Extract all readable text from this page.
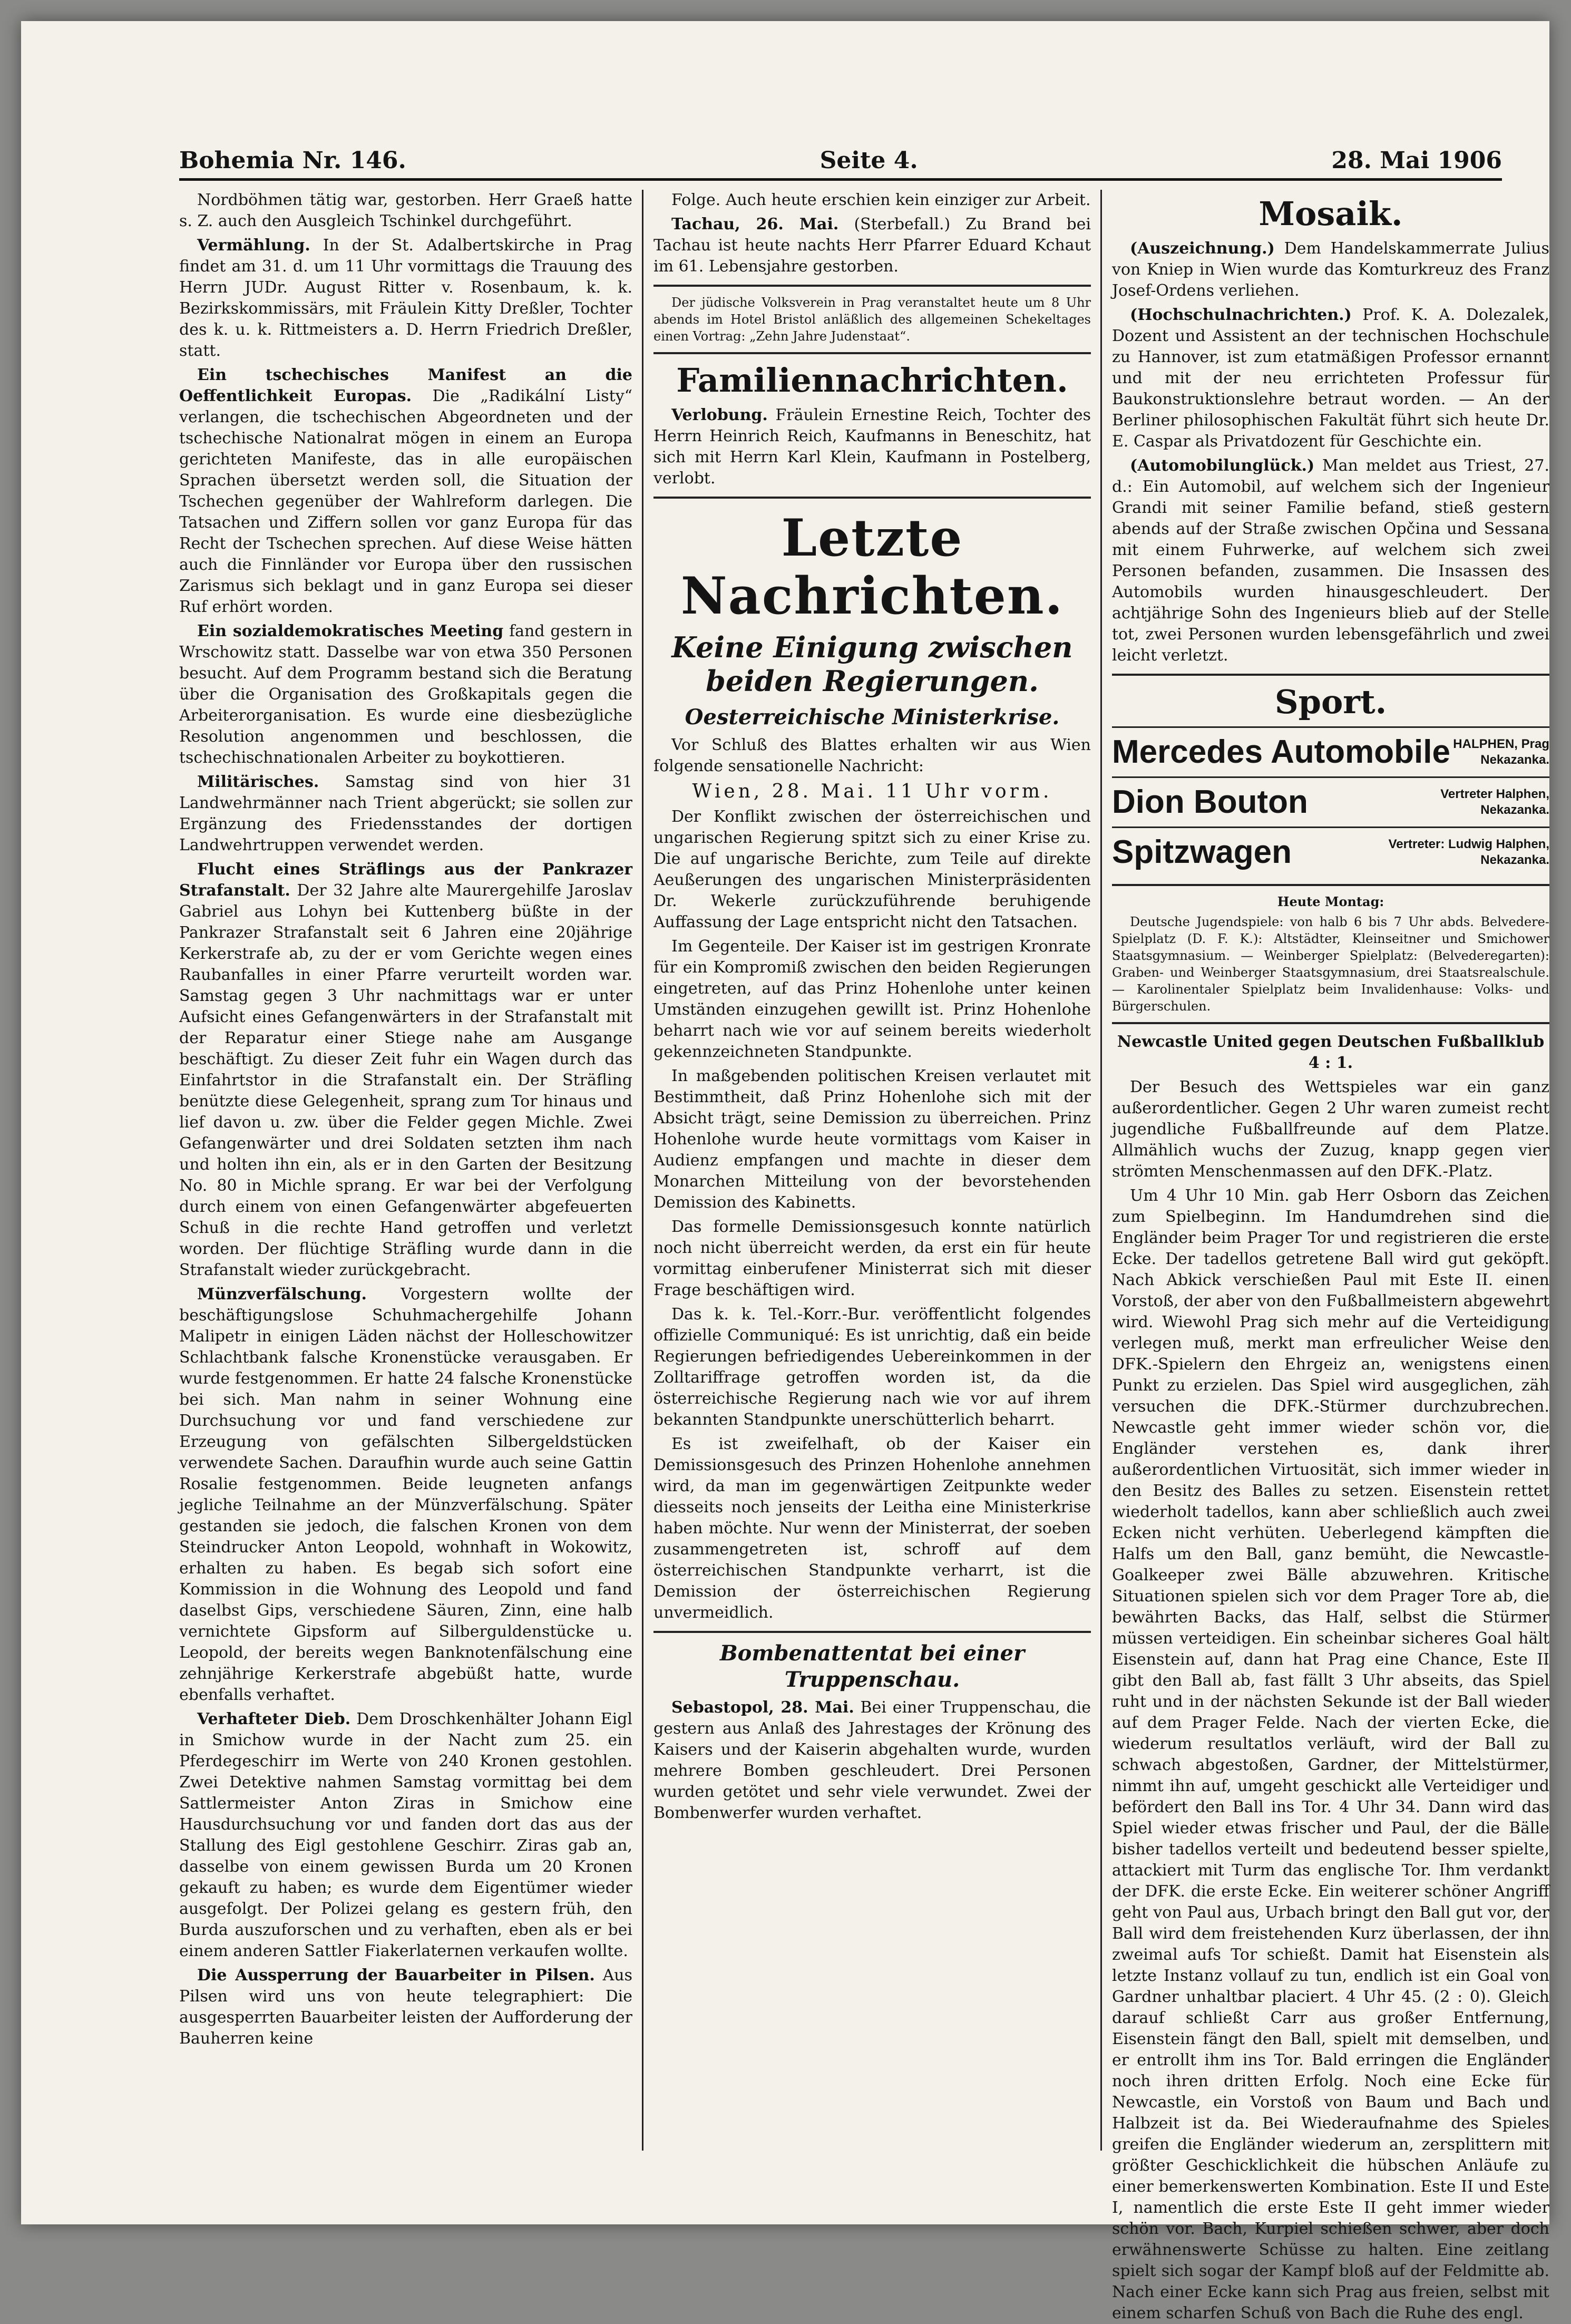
Bohemia Nr. 146.	Seite 4.	28. Mai 1906

Nordböhmen tätig war, gestorben. Herr Graeß hatte s. Z. auch den Ausgleich Tschinkel durchgeführt.

Vermählung. In der St. Adalbertskirche in Prag findet am 31. d. um 11 Uhr vormittags die Trauung des Herrn JUDr. August Ritter v. Rosenbaum, k. k. Bezirkskommissärs, mit Fräulein Kitty Dreßler, Tochter des k. u. k. Rittmeisters a. D. Herrn Friedrich Dreßler, statt.

Ein tschechisches Manifest an die Oeffentlichkeit Europas. Die „Radikální Listy“ verlangen, die tschechischen Abgeordneten und der tschechische Nationalrat mögen in einem an Europa gerichteten Manifeste, das in alle europäischen Sprachen übersetzt werden soll, die Situation der Tschechen gegenüber der Wahlreform darlegen. Die Tatsachen und Ziffern sollen vor ganz Europa für das Recht der Tschechen sprechen. Auf diese Weise hätten auch die Finnländer vor Europa über den russischen Zarismus sich beklagt und in ganz Europa sei dieser Ruf erhört worden.

Ein sozialdemokratisches Meeting fand gestern in Wrschowitz statt. Dasselbe war von etwa 350 Personen besucht. Auf dem Programm bestand sich die Beratung über die Organisation des Großkapitals gegen die Arbeiterorganisation. Es wurde eine diesbezügliche Resolution angenommen und beschlossen, die tschechischnationalen Arbeiter zu boykottieren.

Militärisches. Samstag sind von hier 31 Landwehrmänner nach Trient abgerückt; sie sollen zur Ergänzung des Friedensstandes der dortigen Landwehrtruppen verwendet werden.

Flucht eines Sträflings aus der Pankrazer Strafanstalt. Der 32 Jahre alte Maurergehilfe Jaroslav Gabriel aus Lohyn bei Kuttenberg büßte in der Pankrazer Strafanstalt seit 6 Jahren eine 20jährige Kerkerstrafe ab, zu der er vom Gerichte wegen eines Raubanfalles in einer Pfarre verurteilt worden war. Samstag gegen 3 Uhr nachmittags war er unter Aufsicht eines Gefangenwärters in der Strafanstalt mit der Reparatur einer Stiege nahe am Ausgange beschäftigt. Zu dieser Zeit fuhr ein Wagen durch das Einfahrtstor in die Strafanstalt ein. Der Sträfling benützte diese Gelegenheit, sprang zum Tor hinaus und lief davon u. zw. über die Felder gegen Michle. Zwei Gefangenwärter und drei Soldaten setzten ihm nach und holten ihn ein, als er in den Garten der Besitzung No. 80 in Michle sprang. Er war bei der Verfolgung durch einem von einen Gefangenwärter abgefeuerten Schuß in die rechte Hand getroffen und verletzt worden. Der flüchtige Sträfling wurde dann in die Strafanstalt wieder zurückgebracht.

Münzverfälschung. Vorgestern wollte der beschäftigungslose Schuhmachergehilfe Johann Malipetr in einigen Läden nächst der Holleschowitzer Schlachtbank falsche Kronenstücke verausgaben. Er wurde festgenommen. Er hatte 24 falsche Kronenstücke bei sich. Man nahm in seiner Wohnung eine Durchsuchung vor und fand verschiedene zur Erzeugung von gefälschten Silbergeldstücken verwendete Sachen. Daraufhin wurde auch seine Gattin Rosalie festgenommen. Beide leugneten anfangs jegliche Teilnahme an der Münzverfälschung. Später gestanden sie jedoch, die falschen Kronen von dem Steindrucker Anton Leopold, wohnhaft in Wokowitz, erhalten zu haben. Es begab sich sofort eine Kommission in die Wohnung des Leopold und fand daselbst Gips, verschiedene Säuren, Zinn, eine halb vernichtete Gipsform auf Silberguldenstücke u. Leopold, der bereits wegen Banknotenfälschung eine zehnjährige Kerkerstrafe abgebüßt hatte, wurde ebenfalls verhaftet.

Verhafteter Dieb. Dem Droschkenhälter Johann Eigl in Smichow wurde in der Nacht zum 25. ein Pferdegeschirr im Werte von 240 Kronen gestohlen. Zwei Detektive nahmen Samstag vormittag bei dem Sattlermeister Anton Ziras in Smichow eine Hausdurchsuchung vor und fanden dort das aus der Stallung des Eigl gestohlene Geschirr. Ziras gab an, dasselbe von einem gewissen Burda um 20 Kronen gekauft zu haben; es wurde dem Eigentümer wieder ausgefolgt. Der Polizei gelang es gestern früh, den Burda auszuforschen und zu verhaften, eben als er bei einem anderen Sattler Fiakerlaternen verkaufen wollte.

Die Aussperrung der Bauarbeiter in Pilsen. Aus Pilsen wird uns von heute telegraphiert: Die ausgesperrten Bauarbeiter leisten der Aufforderung der Bauherren keine

Folge. Auch heute erschien kein einziger zur Arbeit.

Tachau, 26. Mai. (Sterbefall.) Zu Brand bei Tachau ist heute nachts Herr Pfarrer Eduard Kchaut im 61. Lebensjahre gestorben.

Der jüdische Volksverein in Prag veranstaltet heute um 8 Uhr abends im Hotel Bristol anläßlich des allgemeinen Schekeltages einen Vortrag: „Zehn Jahre Judenstaat“.

Familiennachrichten.

Verlobung. Fräulein Ernestine Reich, Tochter des Herrn Heinrich Reich, Kaufmanns in Beneschitz, hat sich mit Herrn Karl Klein, Kaufmann in Postelberg, verlobt.

Letzte Nachrichten.
Keine Einigung zwischen beiden Regierungen.
Oesterreichische Ministerkrise.

Vor Schluß des Blattes erhalten wir aus Wien folgende sensationelle Nachricht:

Wien, 28. Mai. 11 Uhr vorm.

Der Konflikt zwischen der österreichischen und ungarischen Regierung spitzt sich zu einer Krise zu. Die auf ungarische Berichte, zum Teile auf direkte Aeußerungen des ungarischen Ministerpräsidenten Dr. Wekerle zurückzuführende beruhigende Auffassung der Lage entspricht nicht den Tatsachen.

Im Gegenteile. Der Kaiser ist im gestrigen Kronrate für ein Kompromiß zwischen den beiden Regierungen eingetreten, auf das Prinz Hohenlohe unter keinen Umständen einzugehen gewillt ist. Prinz Hohenlohe beharrt nach wie vor auf seinem bereits wiederholt gekennzeichneten Standpunkte.

In maßgebenden politischen Kreisen verlautet mit Bestimmtheit, daß Prinz Hohenlohe sich mit der Absicht trägt, seine Demission zu überreichen. Prinz Hohenlohe wurde heute vormittags vom Kaiser in Audienz empfangen und machte in dieser dem Monarchen Mitteilung von der bevorstehenden Demission des Kabinetts.

Das formelle Demissionsgesuch konnte natürlich noch nicht überreicht werden, da erst ein für heute vormittag einberufener Ministerrat sich mit dieser Frage beschäftigen wird.

Das k. k. Tel.-Korr.-Bur. veröffentlicht folgendes offizielle Communiqué: Es ist unrichtig, daß ein beide Regierungen befriedigendes Uebereinkommen in der Zolltariffrage getroffen worden ist, da die österreichische Regierung nach wie vor auf ihrem bekannten Standpunkte unerschütterlich beharrt.

Es ist zweifelhaft, ob der Kaiser ein Demissionsgesuch des Prinzen Hohenlohe annehmen wird, da man im gegenwärtigen Zeitpunkte weder diesseits noch jenseits der Leitha eine Ministerkrise haben möchte. Nur wenn der Ministerrat, der soeben zusammengetreten ist, schroff auf dem österreichischen Standpunkte verharrt, ist die Demission der österreichischen Regierung unvermeidlich.

Bombenattentat bei einer Truppenschau.

Sebastopol, 28. Mai. Bei einer Truppenschau, die gestern aus Anlaß des Jahrestages der Krönung des Kaisers und der Kaiserin abgehalten wurde, wurden mehrere Bomben geschleudert. Drei Personen wurden getötet und sehr viele verwundet. Zwei der Bombenwerfer wurden verhaftet.

Mosaik.

(Auszeichnung.) Dem Handelskammerrate Julius von Kniep in Wien wurde das Komturkreuz des Franz Josef-Ordens verliehen.

(Hochschulnachrichten.) Prof. K. A. Dolezalek, Dozent und Assistent an der technischen Hochschule zu Hannover, ist zum etatmäßigen Professor ernannt und mit der neu errichteten Professur für Baukonstruktionslehre betraut worden. — An der Berliner philosophischen Fakultät führt sich heute Dr. E. Caspar als Privatdozent für Geschichte ein.

(Automobilunglück.) Man meldet aus Triest, 27. d.: Ein Automobil, auf welchem sich der Ingenieur Grandi mit seiner Familie befand, stieß gestern abends auf der Straße zwischen Opčina und Sessana mit einem Fuhrwerke, auf welchem sich zwei Personen befanden, zusammen. Die Insassen des Automobils wurden hinausgeschleudert. Der achtjährige Sohn des Ingenieurs blieb auf der Stelle tot, zwei Personen wurden lebensgefährlich und zwei leicht verletzt.

Sport.
Mercedes Automobile HALPHEN, Prag
Nekazanka.
Dion Bouton	Vertreter Halphen,
Nekazanka.
Spitzwagen	Vertreter: Ludwig Halphen,
Nekazanka.

Heute Montag:

Deutsche Jugendspiele: von halb 6 bis 7 Uhr abds. Belvedere-Spielplatz (D. F. K.): Altstädter, Kleinseitner und Smichower Staatsgymnasium. — Weinberger Spielplatz: (Belvederegarten): Graben- und Weinberger Staatsgymnasium, drei Staatsrealschule. — Karolinentaler Spielplatz beim Invalidenhause: Volks- und Bürgerschulen.

Newcastle United gegen Deutschen Fußballklub 4 : 1.

Der Besuch des Wettspieles war ein ganz außerordentlicher. Gegen 2 Uhr waren zumeist recht jugendliche Fußballfreunde auf dem Platze. Allmählich wuchs der Zuzug, knapp gegen vier strömten Menschenmassen auf den DFK.-Platz.

Um 4 Uhr 10 Min. gab Herr Osborn das Zeichen zum Spielbeginn. Im Handumdrehen sind die Engländer beim Prager Tor und registrieren die erste Ecke. Der tadellos getretene Ball wird gut geköpft. Nach Abkick verschießen Paul mit Este II. einen Vorstoß, der aber von den Fußballmeistern abgewehrt wird. Wiewohl Prag sich mehr auf die Verteidigung verlegen muß, merkt man erfreulicher Weise den DFK.-Spielern den Ehrgeiz an, wenigstens einen Punkt zu erzielen. Das Spiel wird ausgeglichen, zäh versuchen die DFK.-Stürmer durchzubrechen. Newcastle geht immer wieder schön vor, die Engländer verstehen es, dank ihrer außerordentlichen Virtuosität, sich immer wieder in den Besitz des Balles zu setzen. Eisenstein rettet wiederholt tadellos, kann aber schließlich auch zwei Ecken nicht verhüten. Ueberlegend kämpften die Halfs um den Ball, ganz bemüht, die Newcastle-Goalkeeper zwei Bälle abzuwehren. Kritische Situationen spielen sich vor dem Prager Tore ab, die bewährten Backs, das Half, selbst die Stürmer müssen verteidigen. Ein scheinbar sicheres Goal hält Eisenstein auf, dann hat Prag eine Chance, Este II gibt den Ball ab, fast fällt 3 Uhr abseits, das Spiel ruht und in der nächsten Sekunde ist der Ball wieder auf dem Prager Felde. Nach der vierten Ecke, die wiederum resultatlos verläuft, wird der Ball zu schwach abgestoßen, Gardner, der Mittelstürmer, nimmt ihn auf, umgeht geschickt alle Verteidiger und befördert den Ball ins Tor. 4 Uhr 34. Dann wird das Spiel wieder etwas frischer und Paul, der die Bälle bisher tadellos verteilt und bedeutend besser spielte, attackiert mit Turm das englische Tor. Ihm verdankt der DFK. die erste Ecke. Ein weiterer schöner Angriff geht von Paul aus, Urbach bringt den Ball gut vor, der Ball wird dem freistehenden Kurz überlassen, der ihn zweimal aufs Tor schießt. Damit hat Eisenstein als letzte Instanz vollauf zu tun, endlich ist ein Goal von Gardner unhaltbar placiert. 4 Uhr 45. (2 : 0). Gleich darauf schließt Carr aus großer Entfernung, Eisenstein fängt den Ball, spielt mit demselben, und er entrollt ihm ins Tor. Bald erringen die Engländer noch ihren dritten Erfolg. Noch eine Ecke für Newcastle, ein Vorstoß von Baum und Bach und Halbzeit ist da. Bei Wiederaufnahme des Spieles greifen die Engländer wiederum an, zersplittern mit größter Geschicklichkeit die hübschen Anläufe zu einer bemerkenswerten Kombination. Este II und Este I, namentlich die erste Este II geht immer wieder schön vor. Bach, Kurpiel schießen schwer, aber doch erwähnenswerte Schüsse zu halten. Eine zeitlang spielt sich sogar der Kampf bloß auf der Feldmitte ab. Nach einer Ecke kann sich Prag aus freien, selbst mit einem scharfen Schuß von Bach die Ruhe des engl.
